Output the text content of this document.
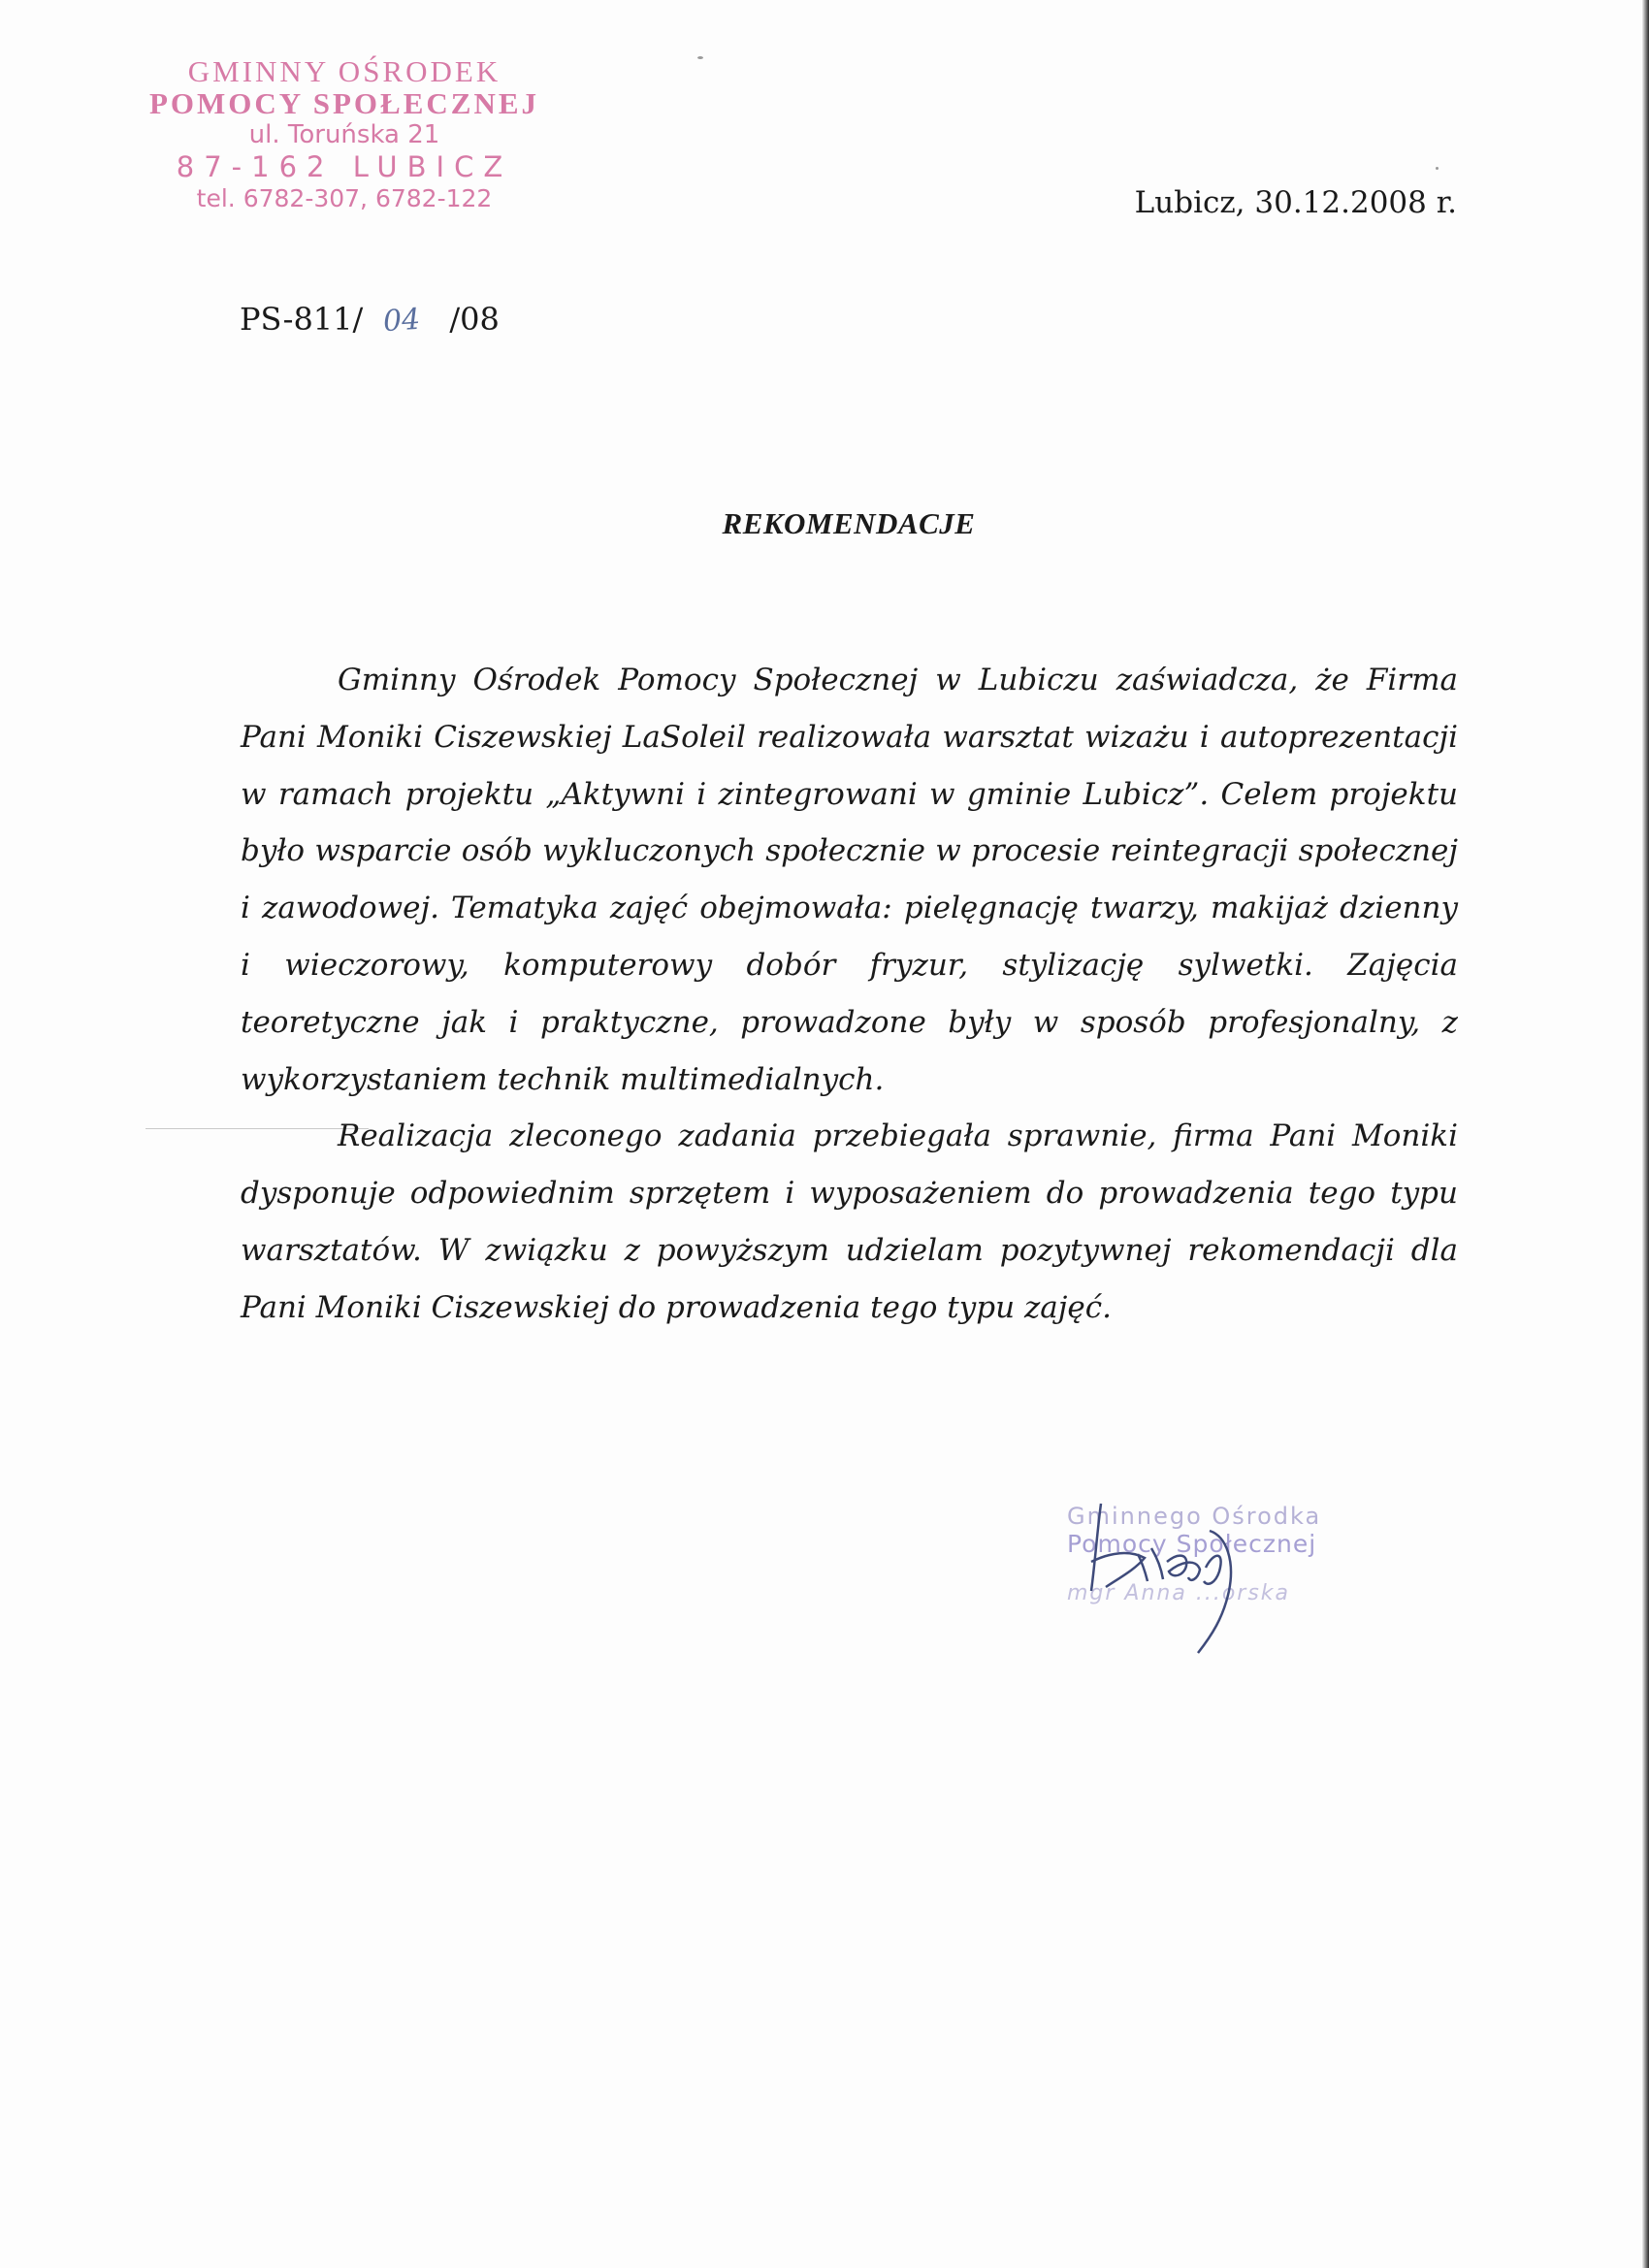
GMINNY OŚRODEK
POMOCY SPOŁECZNEJ
ul. Toruńska 21
87-162 LUBICZ
tel. 6782-307, 6782-122	Lubicz, 30.12.2008 r.
PS-811/ 04 /08
REKOMENDACJE

Gminny Ośrodek Pomocy Społecznej w Lubiczu zaświadcza, że Firma Pani Moniki Ciszewskiej LaSoleil realizowała warsztat wizażu i autoprezentacji w ramach projektu „Aktywni i zintegrowani w gminie Lubicz”. Celem projektu było wsparcie osób wykluczonych społecznie w procesie reintegracji społecznej i zawodowej. Tematyka zajęć obejmowała: pielęgnację twarzy, makijaż dzienny i wieczorowy, komputerowy dobór fryzur, stylizację sylwetki. Zajęcia teoretyczne jak i praktyczne, prowadzone były w sposób profesjonalny, z wykorzystaniem technik multimedialnych.

Realizacja zleconego zadania przebiegała sprawnie, firma Pani Moniki dysponuje odpowiednim sprzętem i wyposażeniem do prowadzenia tego typu warsztatów. W związku z powyższym udzielam pozytywnej rekomendacji dla Pani Moniki Ciszewskiej do prowadzenia tego typu zajęć.

Gminnego Ośrodka
Pomocy Społecznej
mgr Anna ...orska
